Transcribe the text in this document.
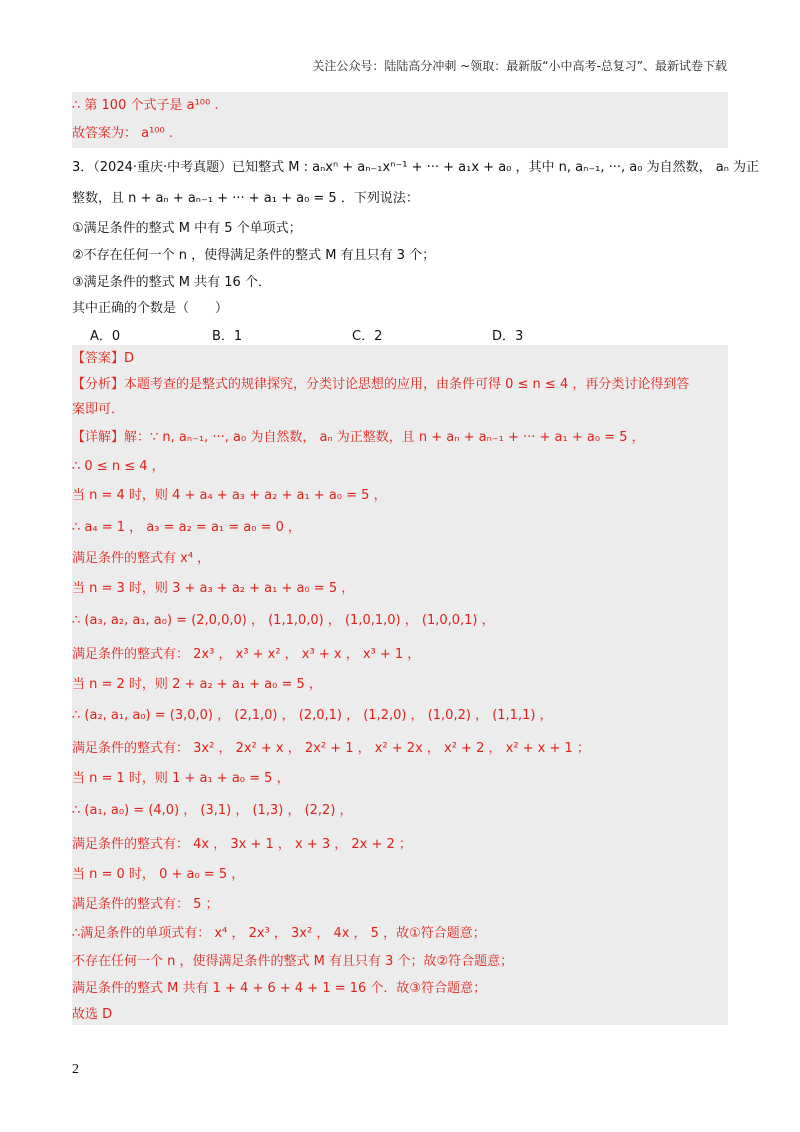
关注公众号：陆陆高分冲刺 ~领取：最新版“小中高考-总复习”、最新试卷下载
∴ 第 100 个式子是 a¹⁰⁰ .
故答案为： a¹⁰⁰ .
3．（2024·重庆·中考真题）已知整式 M : aₙxⁿ + aₙ₋₁xⁿ⁻¹ + ··· + a₁x + a₀ ，其中 n, aₙ₋₁, ···, a₀ 为自然数， aₙ 为正
整数，且 n + aₙ + aₙ₋₁ + ··· + a₁ + a₀ = 5 ．下列说法：
①满足条件的整式 M 中有 5 个单项式；
②不存在任何一个 n ，使得满足条件的整式 M 有且只有 3 个；
③满足条件的整式 M 共有 16 个．
其中正确的个数是（　　）
A．0	B．1	C．2	D．3
【答案】D
【分析】本题考查的是整式的规律探究，分类讨论思想的应用，由条件可得 0 ≤ n ≤ 4 ，再分类讨论得到答
案即可．
【详解】解：∵ n, aₙ₋₁, ···, a₀ 为自然数， aₙ 为正整数，且 n + aₙ + aₙ₋₁ + ··· + a₁ + a₀ = 5 ，
∴ 0 ≤ n ≤ 4 ，
当 n = 4 时，则 4 + a₄ + a₃ + a₂ + a₁ + a₀ = 5 ，
∴ a₄ = 1 ， a₃ = a₂ = a₁ = a₀ = 0 ，
满足条件的整式有 x⁴ ，
当 n = 3 时，则 3 + a₃ + a₂ + a₁ + a₀ = 5 ，
∴ (a₃, a₂, a₁, a₀) = (2,0,0,0) ， (1,1,0,0) ， (1,0,1,0) ， (1,0,0,1) ，
满足条件的整式有： 2x³ ， x³ + x² ， x³ + x ， x³ + 1 ，
当 n = 2 时，则 2 + a₂ + a₁ + a₀ = 5 ，
∴ (a₂, a₁, a₀) = (3,0,0) ， (2,1,0) ， (2,0,1) ， (1,2,0) ， (1,0,2) ， (1,1,1) ，
满足条件的整式有： 3x² ， 2x² + x ， 2x² + 1 ， x² + 2x ， x² + 2 ， x² + x + 1 ；
当 n = 1 时，则 1 + a₁ + a₀ = 5 ，
∴ (a₁, a₀) = (4,0) ， (3,1) ， (1,3) ， (2,2) ，
满足条件的整式有： 4x ， 3x + 1 ， x + 3 ， 2x + 2 ；
当 n = 0 时， 0 + a₀ = 5 ，
满足条件的整式有： 5 ；
∴满足条件的单项式有： x⁴ ， 2x³ ， 3x² ， 4x ， 5 ，故①符合题意；
不存在任何一个 n ，使得满足条件的整式 M 有且只有 3 个；故②符合题意；
满足条件的整式 M 共有 1 + 4 + 6 + 4 + 1 = 16 个．故③符合题意；
故选 D
2
